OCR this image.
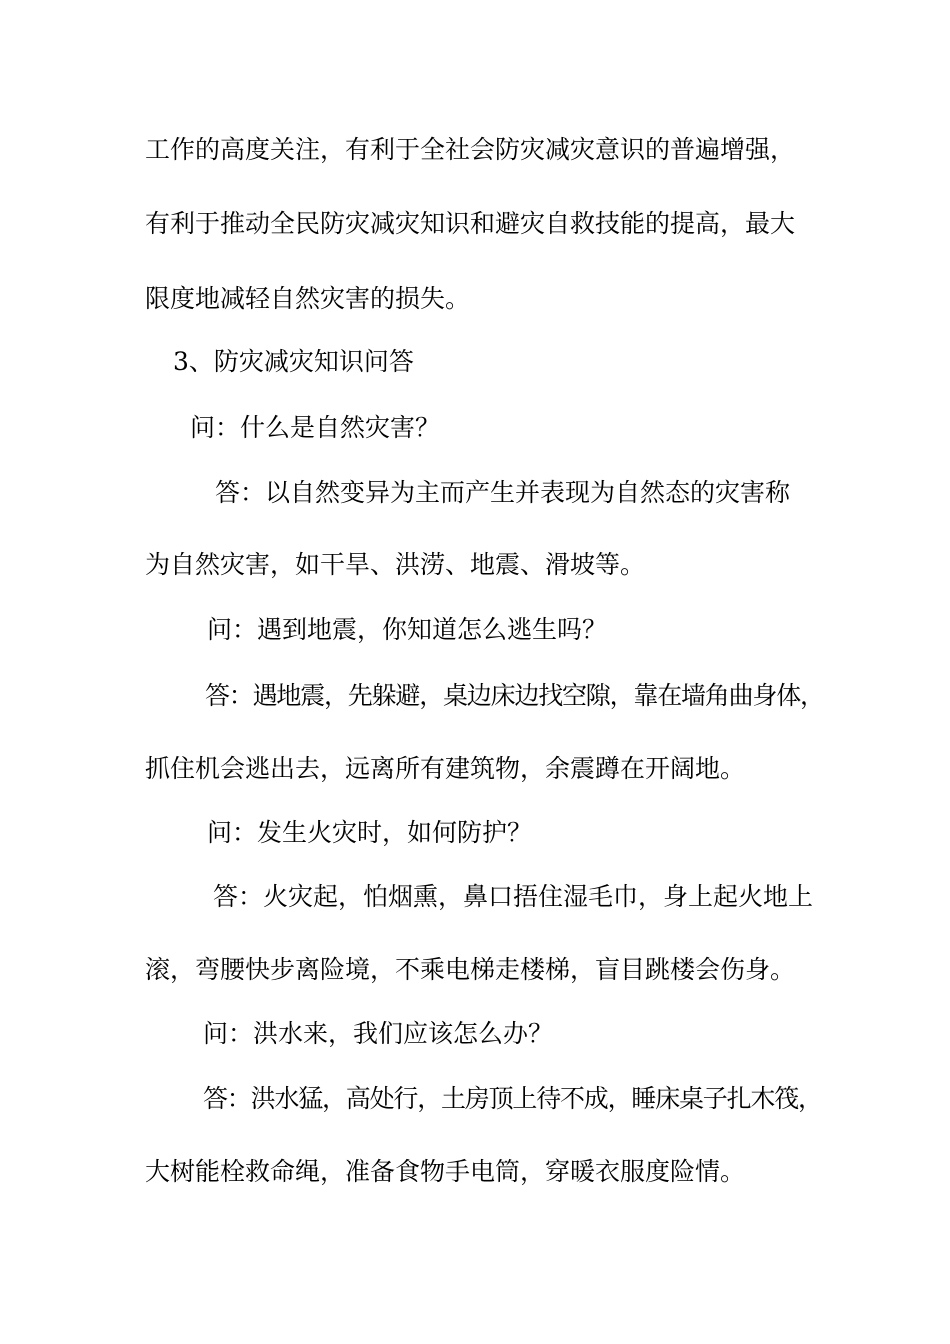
工作的高度关注，有利于全社会防灾减灾意识的普遍增强，
有利于推动全民防灾减灾知识和避灾自救技能的提高，最大
限度地减轻自然灾害的损失。
3、防灾减灾知识问答
问：什么是自然灾害？
答：以自然变异为主而产生并表现为自然态的灾害称
为自然灾害，如干旱、洪涝、地震、滑坡等。
问：遇到地震，你知道怎么逃生吗？
答：遇地震，先躲避，桌边床边找空隙，靠在墙角曲身体，
抓住机会逃出去，远离所有建筑物，余震蹲在开阔地。
问：发生火灾时，如何防护？
答：火灾起，怕烟熏，鼻口捂住湿毛巾，身上起火地上
滚，弯腰快步离险境，不乘电梯走楼梯，盲目跳楼会伤身。
问：洪水来，我们应该怎么办？
答：洪水猛，高处行，土房顶上待不成，睡床桌子扎木筏，
大树能栓救命绳，准备食物手电筒，穿暖衣服度险情。
